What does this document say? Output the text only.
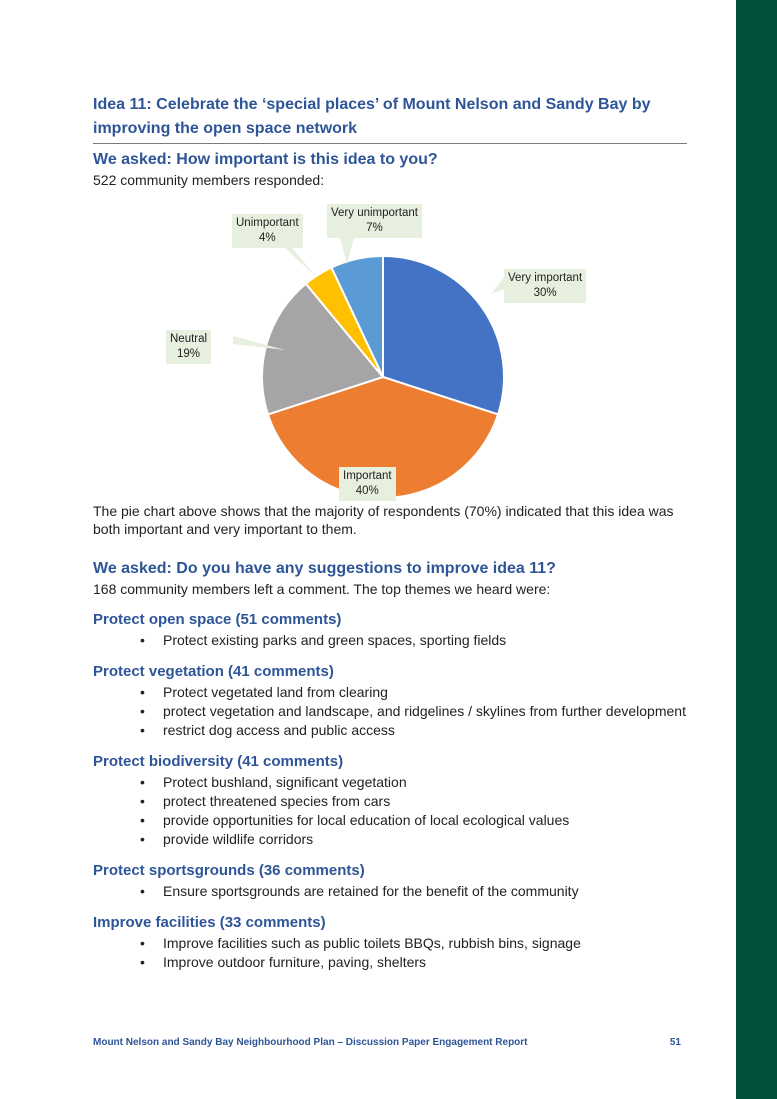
Idea 11: Celebrate the ‘special places’ of Mount Nelson and Sandy Bay by improving the open space network
We asked: How important is this idea to you?

522 community members responded:

Very important
30%
Important
40%
Neutral
19%
Unimportant
4%
Very unimportant
7%

The pie chart above shows that the majority of respondents (70%) indicated that this idea was both important and very important to them.

We asked: Do you have any suggestions to improve idea 11?

168 community members left a comment. The top themes we heard were:

Protect open space (51 comments)
• Protect existing parks and green spaces, sporting fields
Protect vegetation (41 comments)
• Protect vegetated land from clearing
• protect vegetation and landscape, and ridgelines / skylines from further development
• restrict dog access and public access
Protect biodiversity (41 comments)
• Protect bushland, significant vegetation
• protect threatened species from cars
• provide opportunities for local education of local ecological values
• provide wildlife corridors
Protect sportsgrounds (36 comments)
• Ensure sportsgrounds are retained for the benefit of the community
Improve facilities (33 comments)
• Improve facilities such as public toilets BBQs, rubbish bins, signage
• Improve outdoor furniture, paving, shelters
Mount Nelson and Sandy Bay Neighbourhood Plan – Discussion Paper Engagement Report	51
